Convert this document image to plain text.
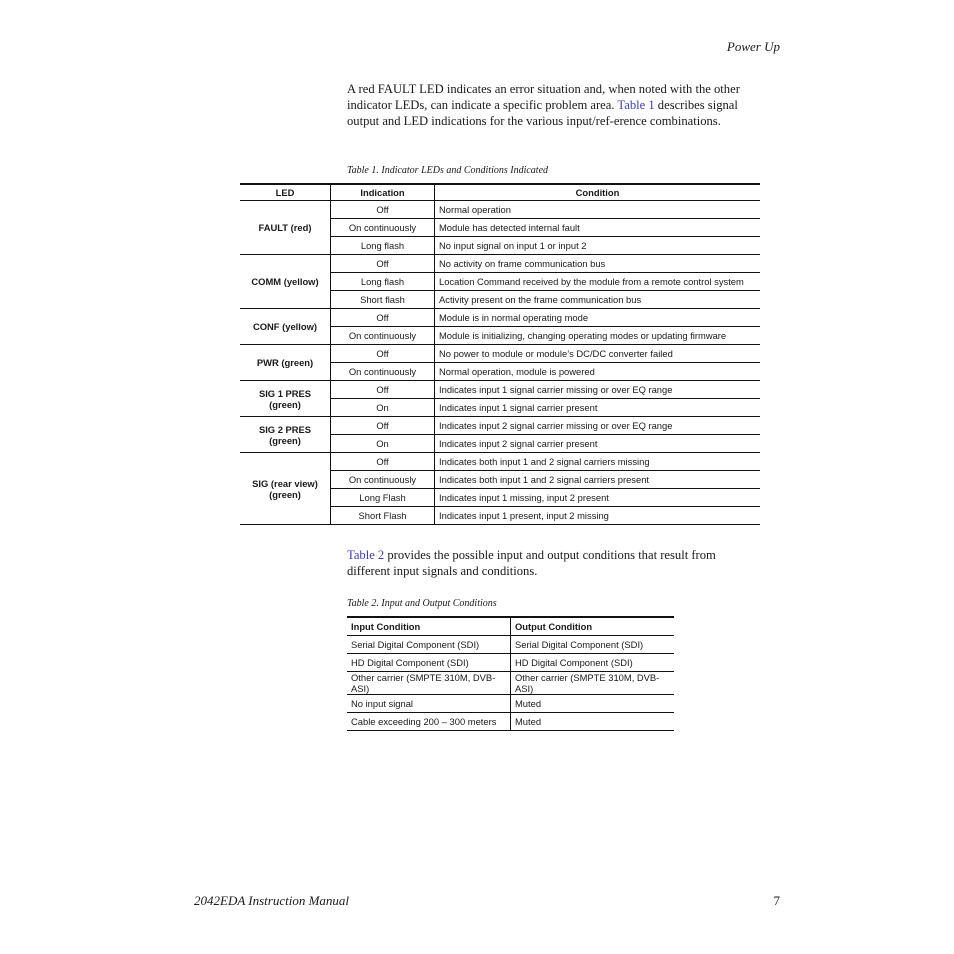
Power Up
A red FAULT LED indicates an error situation and, when noted with the other indicator LEDs, can indicate a specific problem area. Table 1 describes signal output and LED indications for the various input/ref-erence combinations.
Table 1. Indicator LEDs and Conditions Indicated
LED	Indication	Condition
FAULT (red)	Off	Normal operation
	On continuously	Module has detected internal fault
	Long flash	No input signal on input 1 or input 2
COMM (yellow)	Off	No activity on frame communication bus
	Long flash	Location Command received by the module from a remote control system
	Short flash	Activity present on the frame communication bus
CONF (yellow)	Off	Module is in normal operating mode
	On continuously	Module is initializing, changing operating modes or updating firmware
PWR (green)	Off	No power to module or module’s DC/DC converter failed
	On continuously	Normal operation, module is powered
SIG 1 PRES (green)	Off	Indicates input 1 signal carrier missing or over EQ range
	On	Indicates input 1 signal carrier present
SIG 2 PRES (green)	Off	Indicates input 2 signal carrier missing or over EQ range
	On	Indicates input 2 signal carrier present
SIG (rear view) (green)	Off	Indicates both input 1 and 2 signal carriers missing
	On continuously	Indicates both input 1 and 2 signal carriers present
	Long Flash	Indicates input 1 missing, input 2 present
	Short Flash	Indicates input 1 present, input 2 missing
Table 2 provides the possible input and output conditions that result from different input signals and conditions.
Table 2. Input and Output Conditions
Input Condition	Output Condition
Serial Digital Component (SDI)	Serial Digital Component (SDI)
HD Digital Component (SDI)	HD Digital Component (SDI)
Other carrier (SMPTE 310M, DVB-ASI)	Other carrier (SMPTE 310M, DVB-ASI)
No input signal	Muted
Cable exceeding 200 – 300 meters	Muted
2042EDA Instruction Manual	7
